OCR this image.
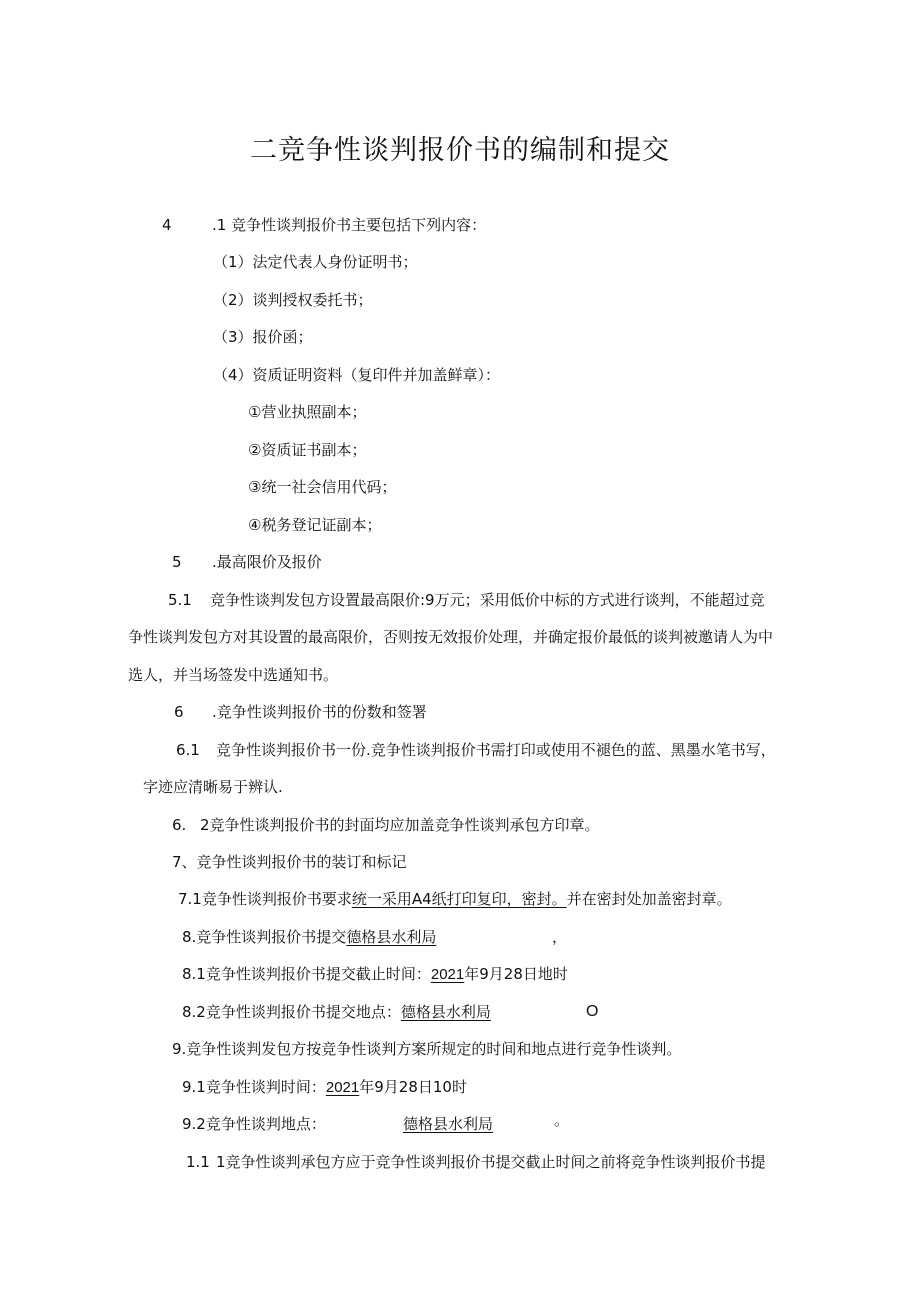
二竞争性谈判报价书的编制和提交
4	.1 竞争性谈判报价书主要包括下列内容：
（1）法定代表人身份证明书；
（2）谈判授权委托书；
（3）报价函；
（4）资质证明资料（复印件并加盖鲜章）：
①营业执照副本；
②资质证书副本；
③统一社会信用代码；
④税务登记证副本；
5 .最高限价及报价
5.1 竞争性谈判发包方设置最高限价:9万元；采用低价中标的方式进行谈判，不能超过竞
争性谈判发包方对其设置的最高限价，否则按无效报价处理，并确定报价最低的谈判被邀请人为中
选人，并当场签发中选通知书。
6 .竞争性谈判报价书的份数和签署
6.1 竞争性谈判报价书一份.竞争性谈判报价书需打印或使用不褪色的蓝、黑墨水笔书写，
字迹应清晰易于辨认.
6. 2竞争性谈判报价书的封面均应加盖竞争性谈判承包方印章。
7、竞争性谈判报价书的装订和标记
7.1竞争性谈判报价书要求统一采用A4纸打印复印，密封。并在密封处加盖密封章。
8.竞争性谈判报价书提交德格县水利局	，
8.1竞争性谈判报价书提交截止时间：2021年9月28日地时
8.2竞争性谈判报价书提交地点：德格县水利局	O
9.竞争性谈判发包方按竞争性谈判方案所规定的时间和地点进行竞争性谈判。
9.1竞争性谈判时间：2021年9月28日10时
9.2竞争性谈判地点：	德格县水利局	。
1.1 1竞争性谈判承包方应于竞争性谈判报价书提交截止时间之前将竞争性谈判报价书提
